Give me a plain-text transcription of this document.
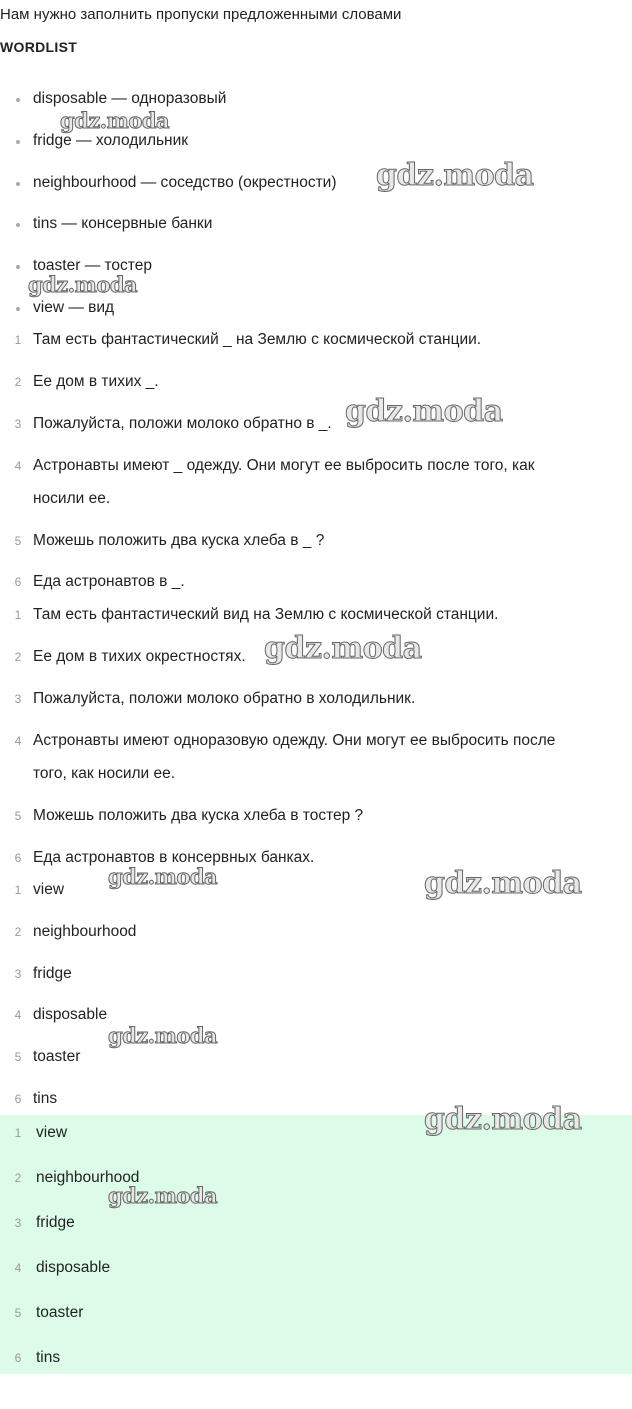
Нам нужно заполнить пропуски предложенными словами
WORDLIST
disposable — одноразовый
fridge — холодильник
neighbourhood — соседство (окрестности)
tins — консервные банки
toaster — тостер
view — вид
1 Там есть фантастический _ на Землю с космической станции.
2 Ее дом в тихих _.
3 Пожалуйста, положи молоко обратно в _.
4 Астронавты имеют _ одежду. Они могут ее выбросить после того, как
носили ее.
5 Можешь положить два куска хлеба в _ ?
6 Еда астронавтов в _.
1 Там есть фантастический вид на Землю с космической станции.
2 Ее дом в тихих окрестностях.
3 Пожалуйста, положи молоко обратно в холодильник.
4 Астронавты имеют одноразовую одежду. Они могут ее выбросить после
того, как носили ее.
5 Можешь положить два куска хлеба в тостер ?
6 Еда астронавтов в консервных банках.
1 view
2 neighbourhood
3 fridge
4 disposable
5 toaster
6 tins
1 view
2 neighbourhood
3 fridge
4 disposable
5 toaster
6 tins
gdz.moda
gdz.moda
gdz.moda
gdz.moda
gdz.moda
gdz.moda	gdz.moda
gdz.moda
gdz.moda
gdz.moda
